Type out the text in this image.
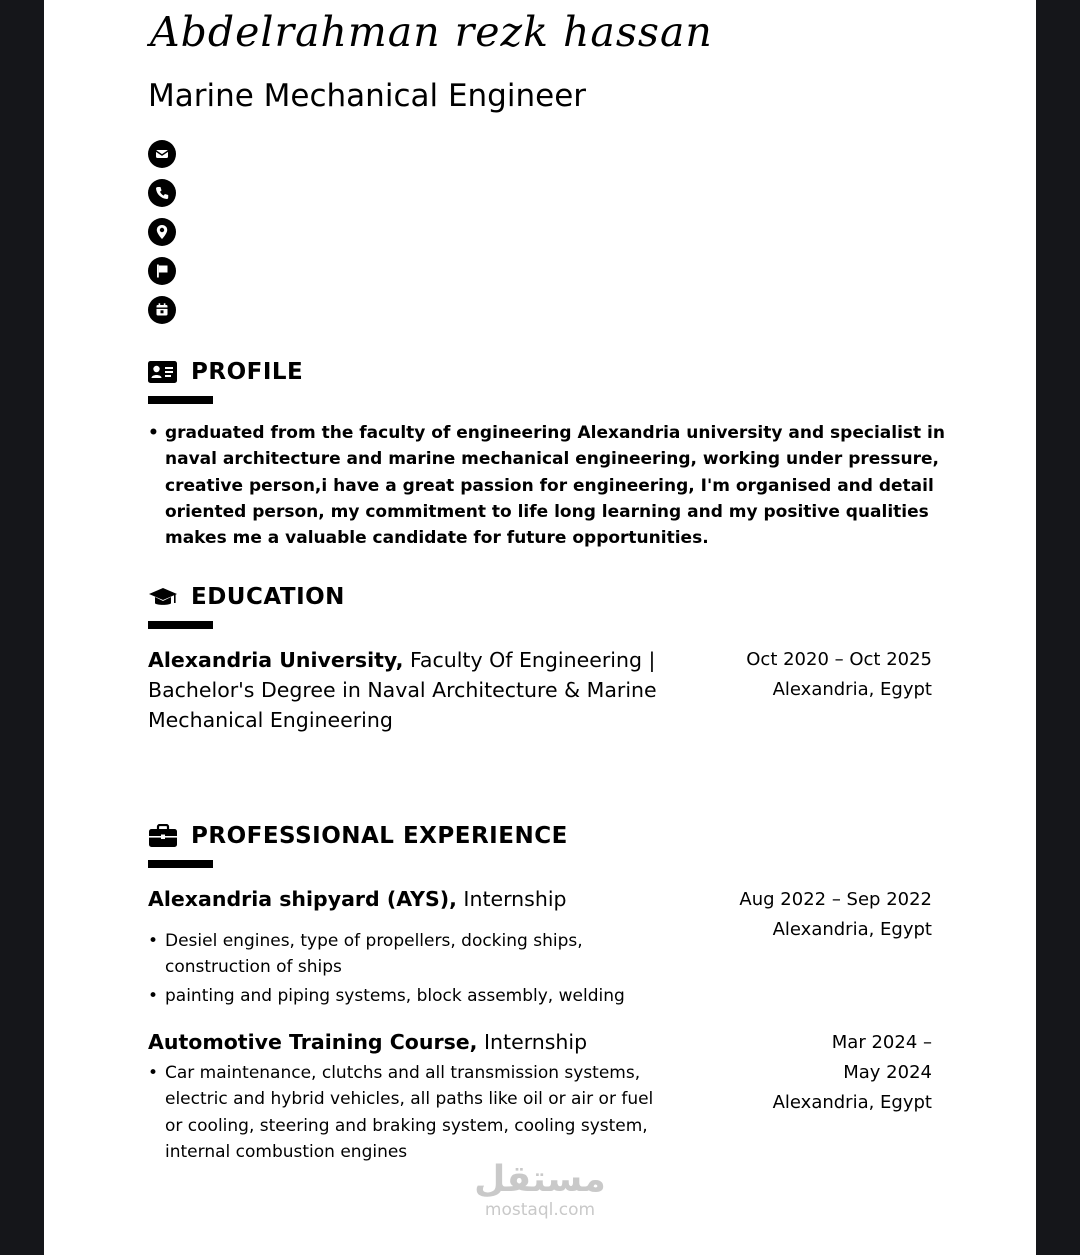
Abdelrahman rezk hassan
Marine Mechanical Engineer
PROFILE
• graduated from the faculty of engineering Alexandria university and specialist in
naval architecture and marine mechanical engineering, working under pressure,
creative person,i have a great passion for engineering, I'm organised and detail
oriented person, my commitment to life long learning and my positive qualities
makes me a valuable candidate for future opportunities.
EDUCATION
Alexandria University, Faculty Of Engineering |
Bachelor's Degree in Naval Architecture & Marine
Mechanical Engineering
Oct 2020 – Oct 2025
Alexandria, Egypt
PROFESSIONAL EXPERIENCE
Alexandria shipyard (AYS), Internship	Aug 2022 – Sep 2022
Alexandria, Egypt
• Desiel engines, type of propellers, docking ships,
construction of ships
• painting and piping systems, block assembly, welding
Automotive Training Course, Internship	Mar 2024 –
May 2024
Alexandria, Egypt
• Car maintenance, clutchs and all transmission systems,
electric and hybrid vehicles, all paths like oil or air or fuel
or cooling, steering and braking system, cooling system,
internal combustion engines
مستقل
mostaql.com
